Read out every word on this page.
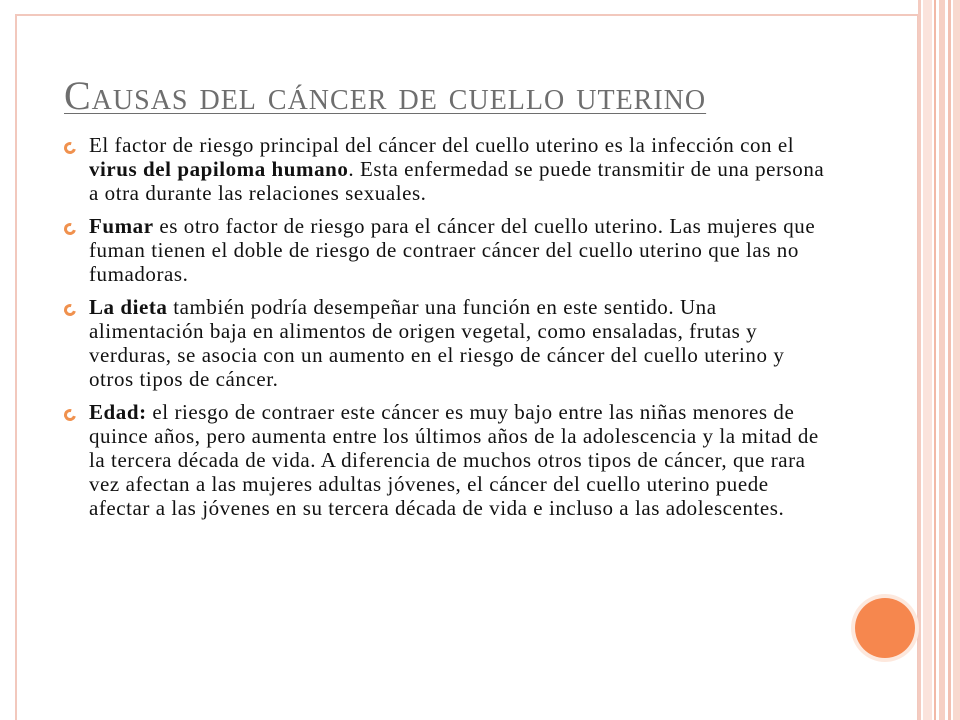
Causas del cáncer de cuello uterino
El factor de riesgo principal del cáncer del cuello uterino es la infección con el virus del papiloma humano. Esta enfermedad se puede transmitir de una persona a otra durante las relaciones sexuales.
Fumar es otro factor de riesgo para el cáncer del cuello uterino. Las mujeres que fuman tienen el doble de riesgo de contraer cáncer del cuello uterino que las no fumadoras.
La dieta también podría desempeñar una función en este sentido. Una alimentación baja en alimentos de origen vegetal, como ensaladas, frutas y verduras, se asocia con un aumento en el riesgo de cáncer del cuello uterino y otros tipos de cáncer.
Edad: el riesgo de contraer este cáncer es muy bajo entre las niñas menores de quince años, pero aumenta entre los últimos años de la adolescencia y la mitad de la tercera década de vida. A diferencia de muchos otros tipos de cáncer, que rara vez afectan a las mujeres adultas jóvenes, el cáncer del cuello uterino puede afectar a las jóvenes en su tercera década de vida e incluso a las adolescentes.
